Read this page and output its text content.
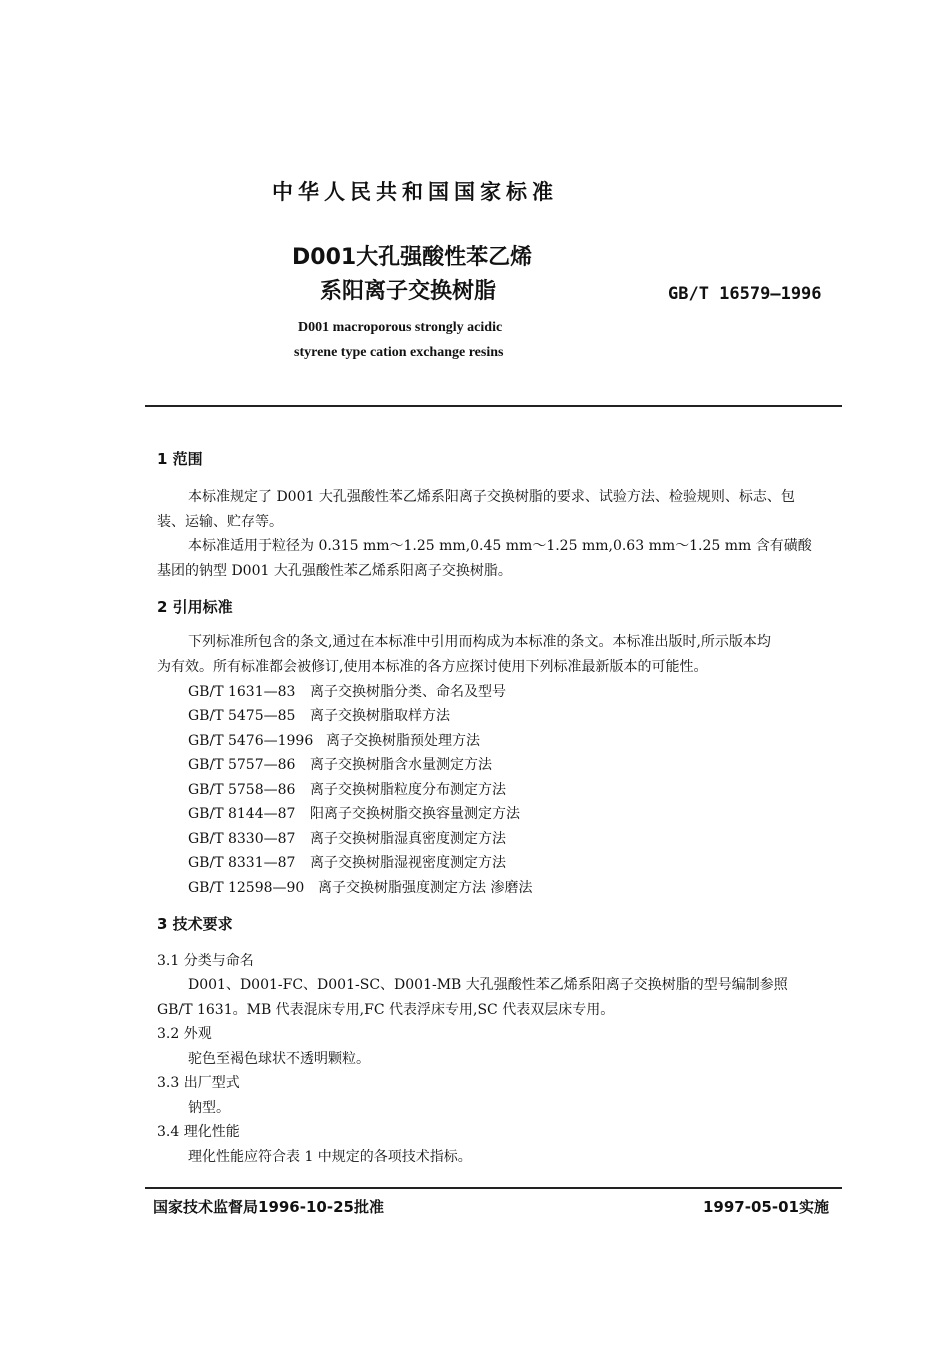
中华人民共和国国家标准
D001大孔强酸性苯乙烯
系阳离子交换树脂
D001 macroporous strongly acidic
styrene type cation exchange resins
GB/T 16579—1996
1 范围
本标准规定了 D001 大孔强酸性苯乙烯系阳离子交换树脂的要求、试验方法、检验规则、标志、包
装、运输、贮存等。
本标准适用于粒径为 0.315 mm～1.25 mm,0.45 mm～1.25 mm,0.63 mm～1.25 mm 含有磺酸
基团的钠型 D001 大孔强酸性苯乙烯系阳离子交换树脂。
2 引用标准
下列标准所包含的条文,通过在本标准中引用而构成为本标准的条文。本标准出版时,所示版本均
为有效。所有标准都会被修订,使用本标准的各方应探讨使用下列标准最新版本的可能性。
GB/T 1631—83 离子交换树脂分类、命名及型号
GB/T 5475—85 离子交换树脂取样方法
GB/T 5476—1996 离子交换树脂预处理方法
GB/T 5757—86 离子交换树脂含水量测定方法
GB/T 5758—86 离子交换树脂粒度分布测定方法
GB/T 8144—87 阳离子交换树脂交换容量测定方法
GB/T 8330—87 离子交换树脂湿真密度测定方法
GB/T 8331—87 离子交换树脂湿视密度测定方法
GB/T 12598—90 离子交换树脂强度测定方法 渗磨法
3 技术要求
3.1 分类与命名
D001、D001-FC、D001-SC、D001-MB 大孔强酸性苯乙烯系阳离子交换树脂的型号编制参照
GB/T 1631。MB 代表混床专用,FC 代表浮床专用,SC 代表双层床专用。
3.2 外观
驼色至褐色球状不透明颗粒。
3.3 出厂型式
钠型。
3.4 理化性能
理化性能应符合表 1 中规定的各项技术指标。
国家技术监督局1996-10-25批准	1997-05-01实施
